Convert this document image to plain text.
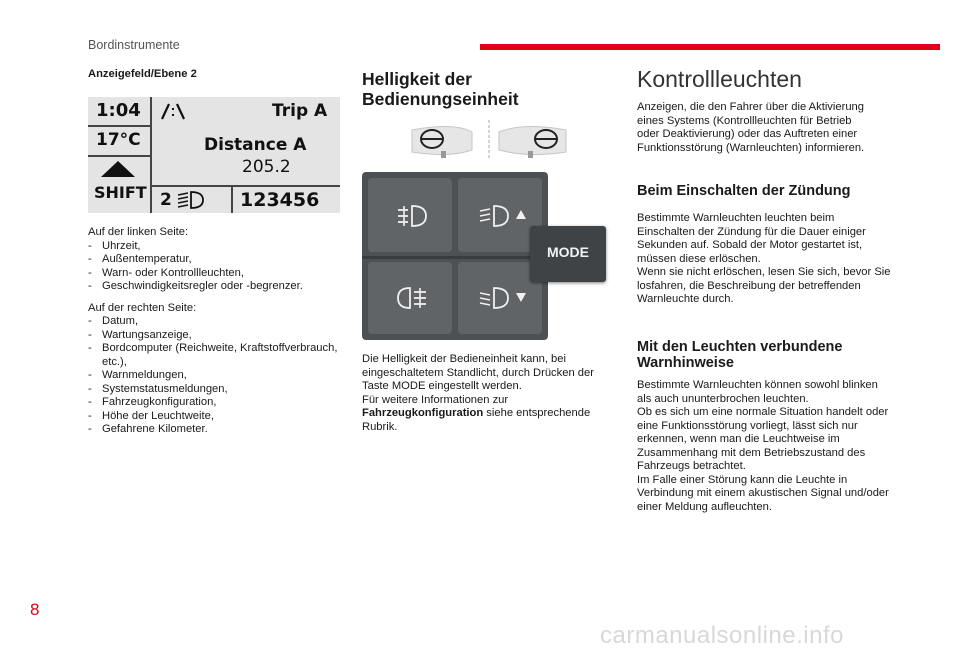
Bordinstrumente
Anzeigefeld/Ebene 2
1:04
17°C
SHIFT
Trip A
Distance A
205.2
2	123456
Auf der linken Seite:
- Uhrzeit,
- Außentemperatur,
- Warn- oder Kontrollleuchten,
- Geschwindigkeitsregler oder -begrenzer.
Auf der rechten Seite:
- Datum,
- Wartungsanzeige,
- Bordcomputer (Reichweite, Kraftstoffverbrauch, etc.),
- Warnmeldungen,
- Systemstatusmeldungen,
- Fahrzeugkonfiguration,
- Höhe der Leuchtweite,
- Gefahrene Kilometer.
Helligkeit der Bedienungseinheit
MODE
Die Helligkeit der Bedieneinheit kann, bei eingeschaltetem Standlicht, durch Drücken der Taste MODE eingestellt werden.
Für weitere Informationen zur
Fahrzeugkonfiguration siehe entsprechende Rubrik.
Kontrollleuchten
Anzeigen, die den Fahrer über die Aktivierung eines Systems (Kontrollleuchten für Betrieb oder Deaktivierung) oder das Auftreten einer Funktionsstörung (Warnleuchten) informieren.
Beim Einschalten der Zündung
Bestimmte Warnleuchten leuchten beim Einschalten der Zündung für die Dauer einiger Sekunden auf. Sobald der Motor gestartet ist, müssen diese erlöschen.
Wenn sie nicht erlöschen, lesen Sie sich, bevor Sie losfahren, die Beschreibung der betreffenden Warnleuchte durch.
Mit den Leuchten verbundene Warnhinweise
Bestimmte Warnleuchten können sowohl blinken als auch ununterbrochen leuchten.
Ob es sich um eine normale Situation handelt oder eine Funktionsstörung vorliegt, lässt sich nur erkennen, wenn man die Leuchtweise im Zusammenhang mit dem Betriebszustand des Fahrzeugs betrachtet.
Im Falle einer Störung kann die Leuchte in Verbindung mit einem akustischen Signal und/oder einer Meldung aufleuchten.
8
carmanualsonline.info
